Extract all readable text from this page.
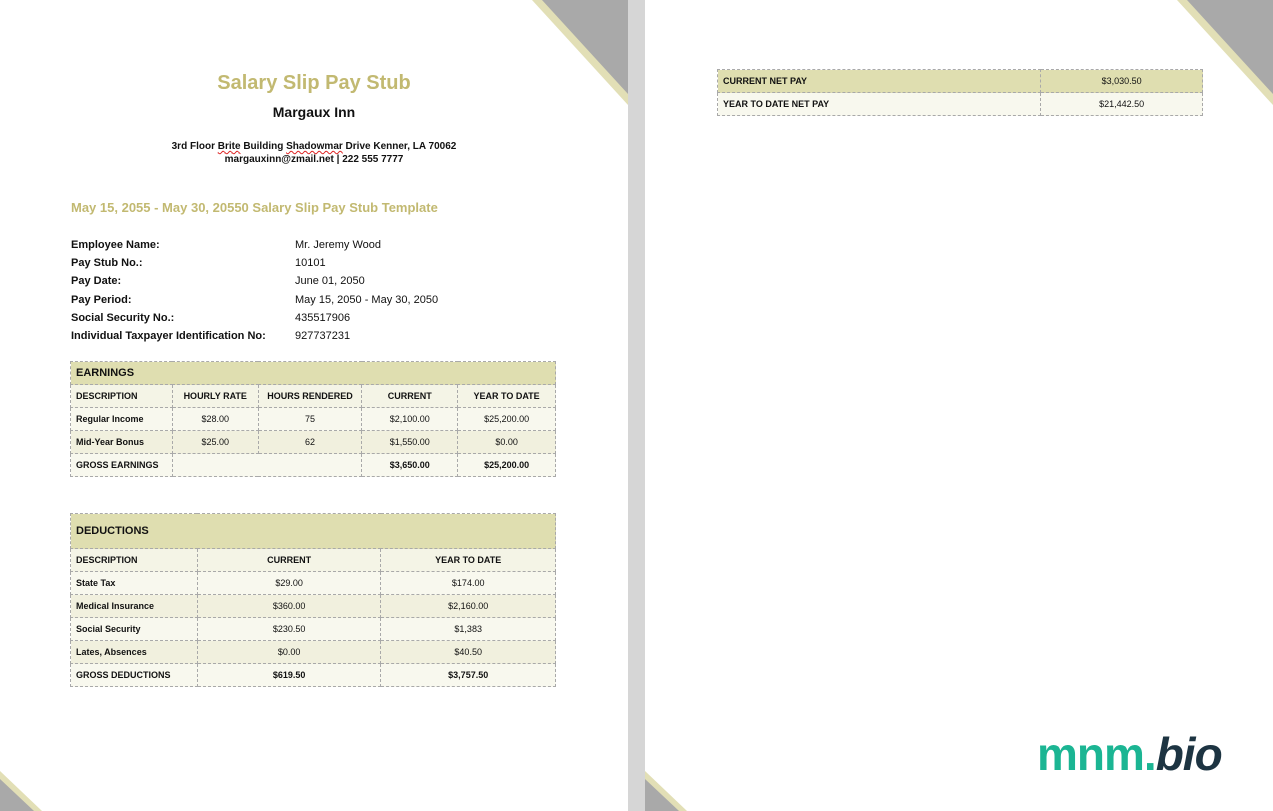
Salary Slip Pay Stub
Margaux Inn
3rd Floor Brite Building Shadowmar Drive Kenner, LA 70062
margauxinn@zmail.net | 222 555 7777
May 15, 2055 - May 30, 20550 Salary Slip Pay Stub Template
Employee Name:	Mr. Jeremy Wood
Pay Stub No.:	10101
Pay Date:	June 01, 2050
Pay Period:	May 15, 2050 - May 30, 2050
Social Security No.:	435517906
Individual Taxpayer Identification No:	927737231
EARNINGS				
DESCRIPTION	HOURLY RATE	HOURS RENDERED	CURRENT	YEAR TO DATE
Regular Income	$28.00	75	$2,100.00	$25,200.00
Mid-Year Bonus	$25.00	62	$1,550.00	$0.00
GROSS EARNINGS			$3,650.00	$25,200.00
DEDUCTIONS		
DESCRIPTION	CURRENT	YEAR TO DATE
State Tax	$29.00	$174.00
Medical Insurance	$360.00	$2,160.00
Social Security	$230.50	$1,383
Lates, Absences	$0.00	$40.50
GROSS DEDUCTIONS	$619.50	$3,757.50
CURRENT NET PAY	$3,030.50
YEAR TO DATE NET PAY	$21,442.50
mnm.bio
